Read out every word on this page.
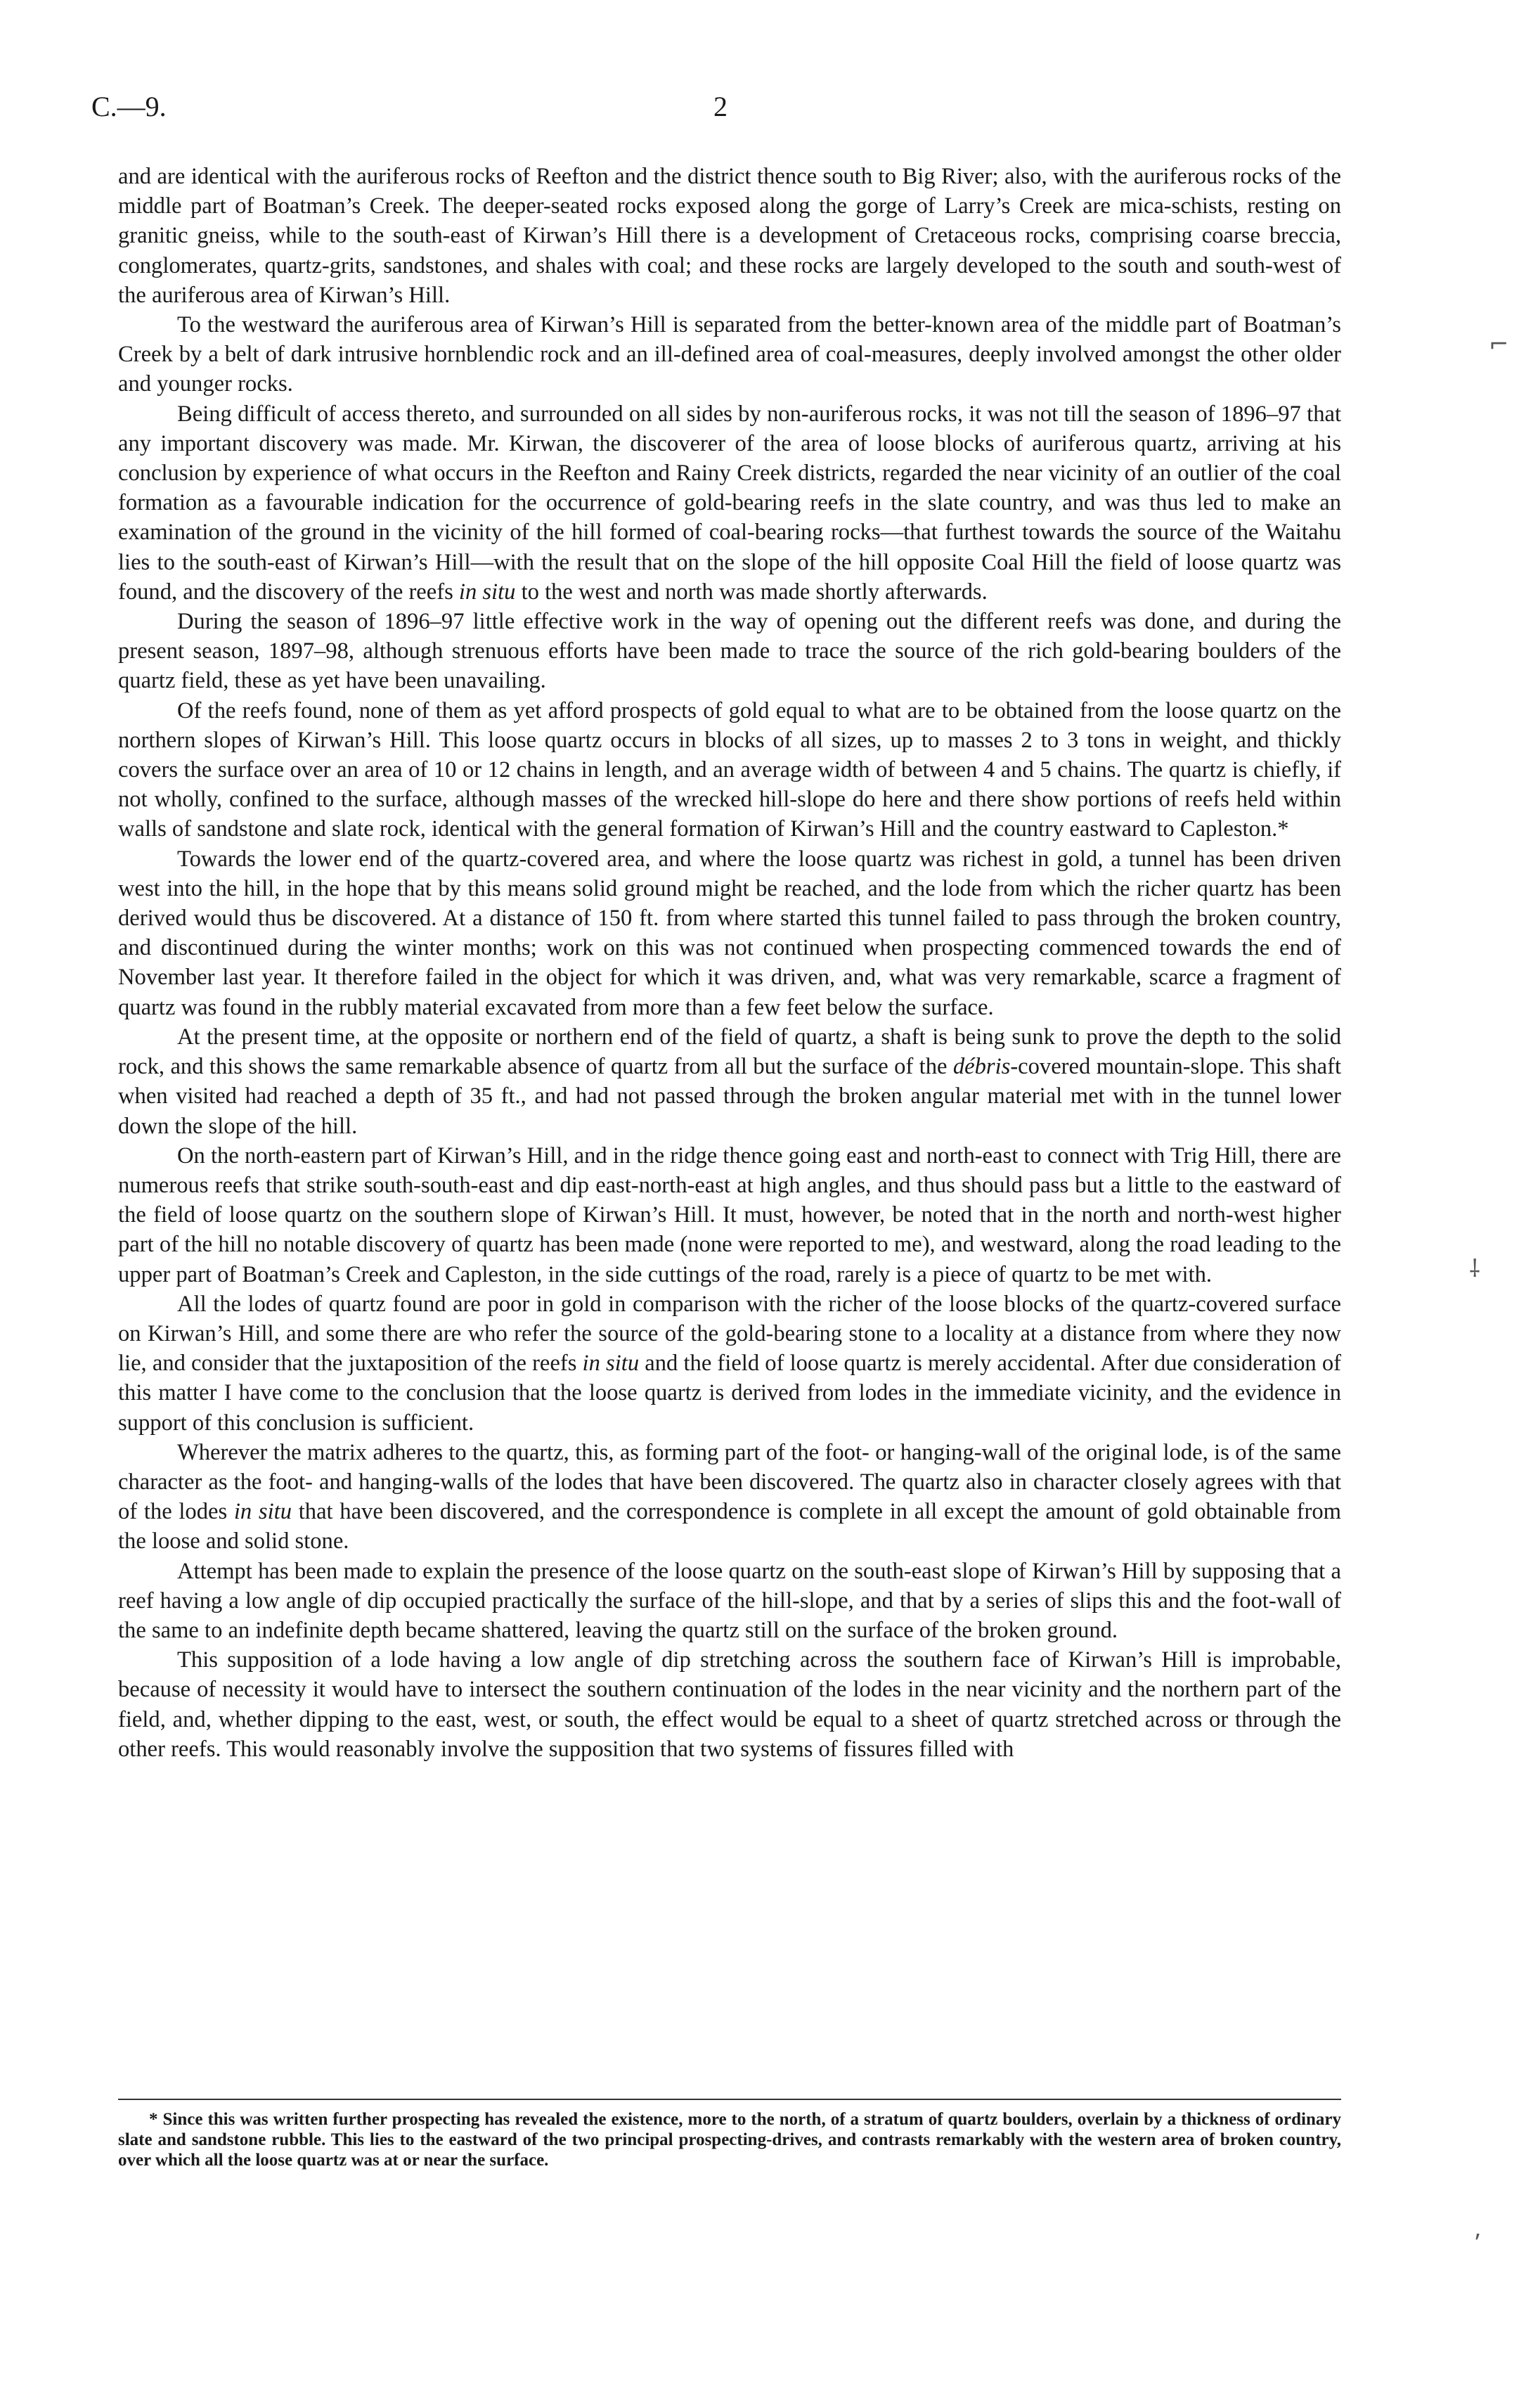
C.—9.	2

and are identical with the auriferous rocks of Reefton and the district thence south to Big River; also, with the auriferous rocks of the middle part of Boatman’s Creek. The deeper-seated rocks exposed along the gorge of Larry’s Creek are mica-schists, resting on granitic gneiss, while to the south-east of Kirwan’s Hill there is a development of Cretaceous rocks, comprising coarse breccia, conglomerates, quartz-grits, sandstones, and shales with coal; and these rocks are largely developed to the south and south-west of the auriferous area of Kirwan’s Hill.

To the westward the auriferous area of Kirwan’s Hill is separated from the better-known area of the middle part of Boatman’s Creek by a belt of dark intrusive hornblendic rock and an ill-defined area of coal-measures, deeply involved amongst the other older and younger rocks.

Being difficult of access thereto, and surrounded on all sides by non-auriferous rocks, it was not till the season of 1896–97 that any important discovery was made. Mr. Kirwan, the discoverer of the area of loose blocks of auriferous quartz, arriving at his conclusion by experience of what occurs in the Reefton and Rainy Creek districts, regarded the near vicinity of an outlier of the coal formation as a favourable indication for the occurrence of gold-bearing reefs in the slate country, and was thus led to make an examination of the ground in the vicinity of the hill formed of coal-bearing rocks—that furthest towards the source of the Waitahu lies to the south-east of Kirwan’s Hill—with the result that on the slope of the hill opposite Coal Hill the field of loose quartz was found, and the discovery of the reefs in situ to the west and north was made shortly afterwards.

During the season of 1896–97 little effective work in the way of opening out the different reefs was done, and during the present season, 1897–98, although strenuous efforts have been made to trace the source of the rich gold-bearing boulders of the quartz field, these as yet have been unavailing.

Of the reefs found, none of them as yet afford prospects of gold equal to what are to be obtained from the loose quartz on the northern slopes of Kirwan’s Hill. This loose quartz occurs in blocks of all sizes, up to masses 2 to 3 tons in weight, and thickly covers the surface over an area of 10 or 12 chains in length, and an average width of between 4 and 5 chains. The quartz is chiefly, if not wholly, confined to the surface, although masses of the wrecked hill-slope do here and there show portions of reefs held within walls of sandstone and slate rock, identical with the general formation of Kirwan’s Hill and the country eastward to Capleston.*

Towards the lower end of the quartz-covered area, and where the loose quartz was richest in gold, a tunnel has been driven west into the hill, in the hope that by this means solid ground might be reached, and the lode from which the richer quartz has been derived would thus be discovered. At a distance of 150 ft. from where started this tunnel failed to pass through the broken country, and discontinued during the winter months; work on this was not continued when prospecting commenced towards the end of November last year. It therefore failed in the object for which it was driven, and, what was very remarkable, scarce a fragment of quartz was found in the rubbly material excavated from more than a few feet below the surface.

At the present time, at the opposite or northern end of the field of quartz, a shaft is being sunk to prove the depth to the solid rock, and this shows the same remarkable absence of quartz from all but the surface of the débris-covered mountain-slope. This shaft when visited had reached a depth of 35 ft., and had not passed through the broken angular material met with in the tunnel lower down the slope of the hill.

On the north-eastern part of Kirwan’s Hill, and in the ridge thence going east and north-east to connect with Trig Hill, there are numerous reefs that strike south-south-east and dip east-north-east at high angles, and thus should pass but a little to the eastward of the field of loose quartz on the southern slope of Kirwan’s Hill. It must, however, be noted that in the north and north-west higher part of the hill no notable discovery of quartz has been made (none were reported to me), and westward, along the road leading to the upper part of Boatman’s Creek and Capleston, in the side cuttings of the road, rarely is a piece of quartz to be met with.

All the lodes of quartz found are poor in gold in comparison with the richer of the loose blocks of the quartz-covered surface on Kirwan’s Hill, and some there are who refer the source of the gold-bearing stone to a locality at a distance from where they now lie, and consider that the juxtaposition of the reefs in situ and the field of loose quartz is merely accidental. After due consideration of this matter I have come to the conclusion that the loose quartz is derived from lodes in the immediate vicinity, and the evidence in support of this conclusion is sufficient.

Wherever the matrix adheres to the quartz, this, as forming part of the foot- or hanging-wall of the original lode, is of the same character as the foot- and hanging-walls of the lodes that have been discovered. The quartz also in character closely agrees with that of the lodes in situ that have been discovered, and the correspondence is complete in all except the amount of gold obtainable from the loose and solid stone.

Attempt has been made to explain the presence of the loose quartz on the south-east slope of Kirwan’s Hill by supposing that a reef having a low angle of dip occupied practically the surface of the hill-slope, and that by a series of slips this and the foot-wall of the same to an indefinite depth became shattered, leaving the quartz still on the surface of the broken ground.

This supposition of a lode having a low angle of dip stretching across the southern face of Kirwan’s Hill is improbable, because of necessity it would have to intersect the southern continuation of the lodes in the near vicinity and the northern part of the field, and, whether dipping to the east, west, or south, the effect would be equal to a sheet of quartz stretched across or through the other reefs. This would reasonably involve the supposition that two systems of fissures filled with

* Since this was written further prospecting has revealed the existence, more to the north, of a stratum of quartz boulders, overlain by a thickness of ordinary slate and sandstone rubble. This lies to the eastward of the two principal prospecting-drives, and contrasts remarkably with the western area of broken country, over which all the loose quartz was at or near the surface.

⌐
⸸
⸴
